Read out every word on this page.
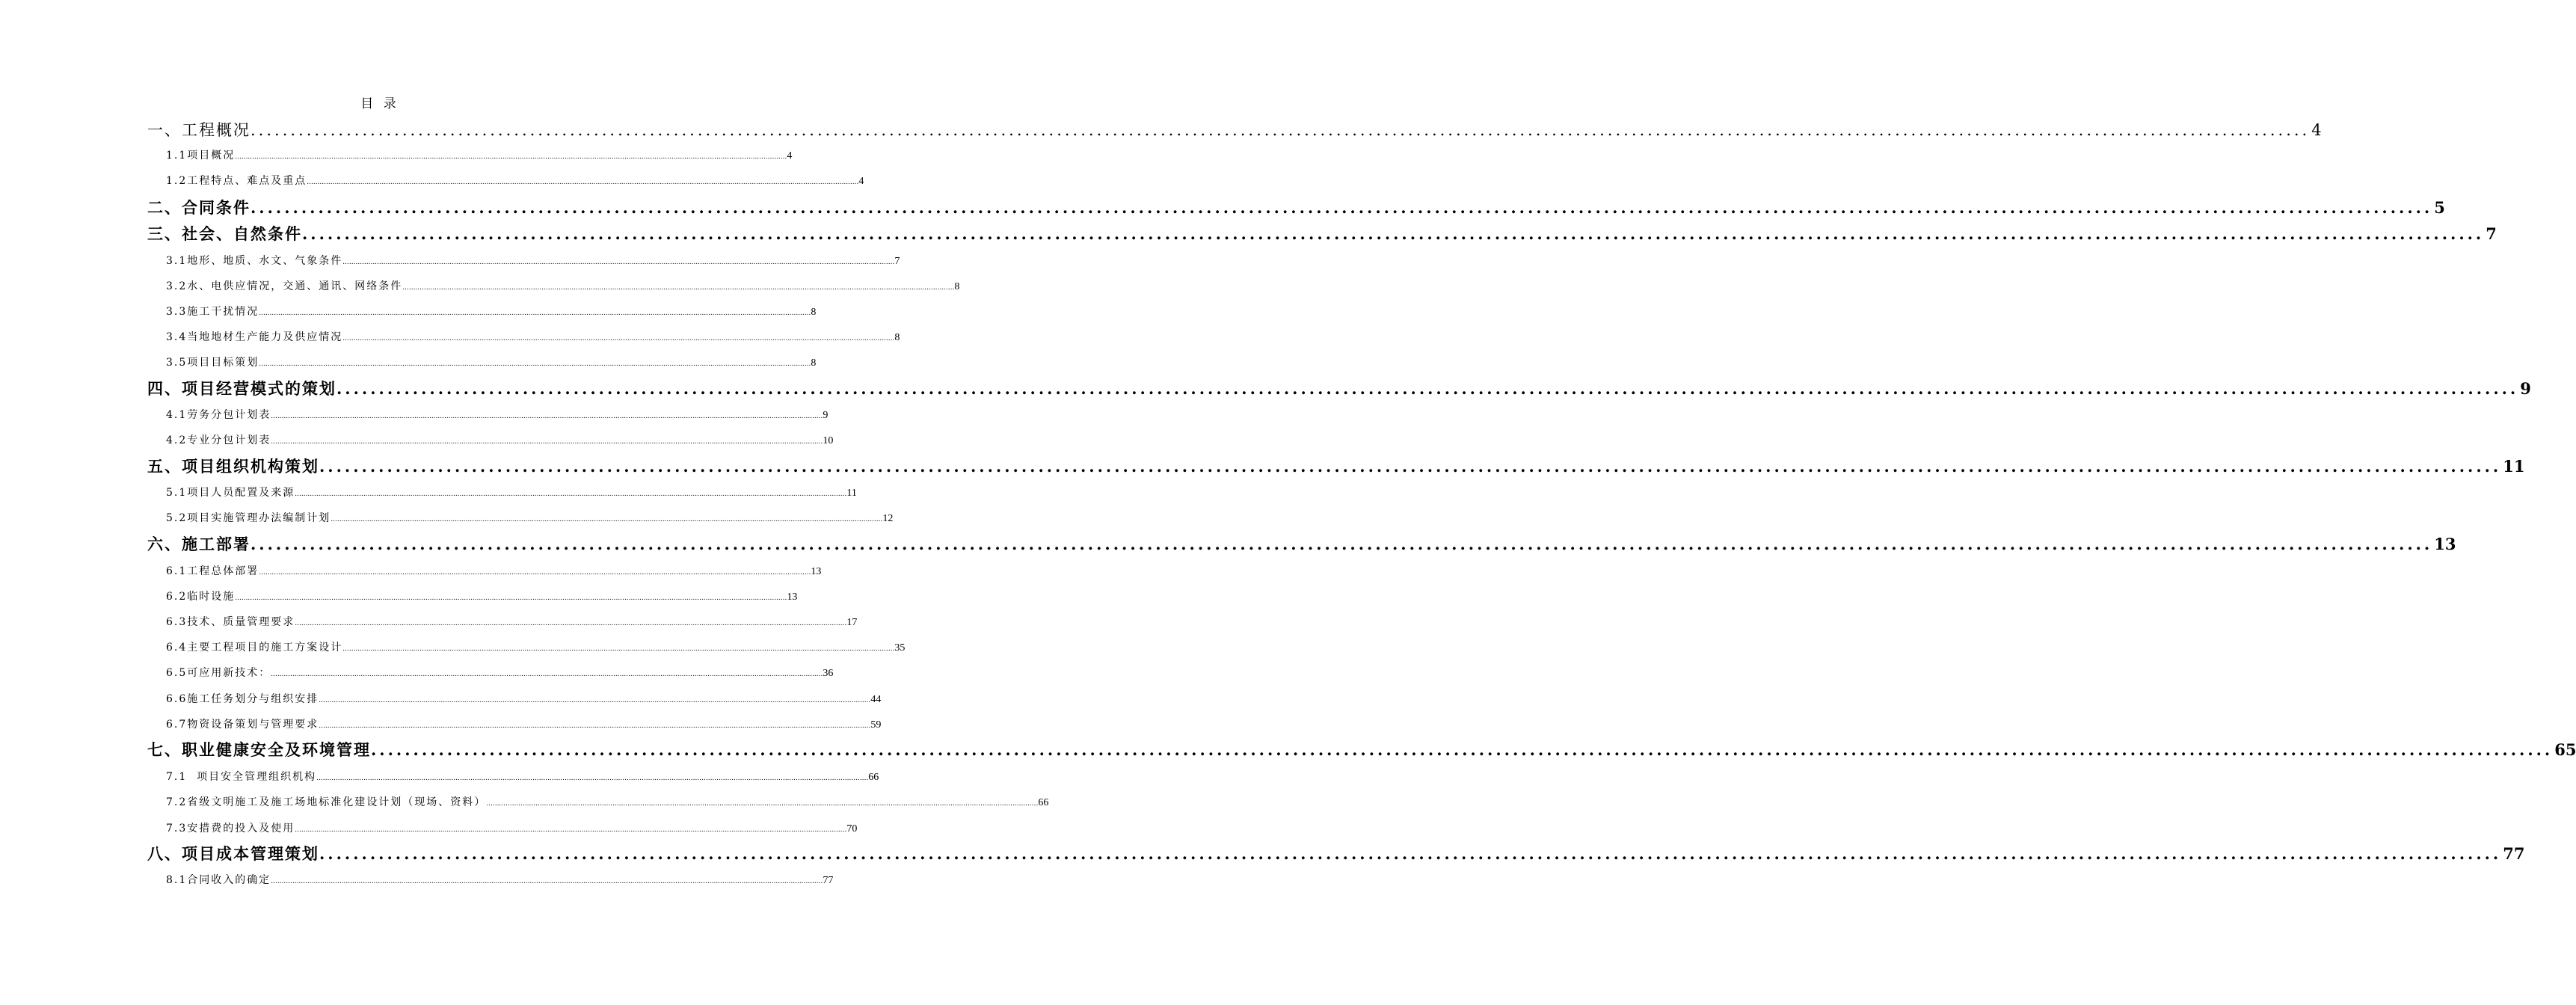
目 录
一、工程概况 .................................................................................................................................................................................................................................................................. 4
1.1项目概况 .................................................................................................................................................................................................................................................................. 4
1.2工程特点、难点及重点 .................................................................................................................................................................................................................................................................. 4
二、合同条件 .................................................................................................................................................................................................................................................................. 5
三、社会、自然条件 .................................................................................................................................................................................................................................................................. 7
3.1地形、地质、水文、气象条件 .................................................................................................................................................................................................................................................................. 7
3.2水、电供应情况，交通、通讯、网络条件 .................................................................................................................................................................................................................................................................. 8
3.3施工干扰情况 .................................................................................................................................................................................................................................................................. 8
3.4当地地材生产能力及供应情况 .................................................................................................................................................................................................................................................................. 8
3.5项目目标策划 .................................................................................................................................................................................................................................................................. 8
四、项目经营模式的策划 .................................................................................................................................................................................................................................................................. 9
4.1劳务分包计划表 .................................................................................................................................................................................................................................................................. 9
4.2专业分包计划表 .................................................................................................................................................................................................................................................................. 10
五、项目组织机构策划 .................................................................................................................................................................................................................................................................. 11
5.1项目人员配置及来源 .................................................................................................................................................................................................................................................................. 11
5.2项目实施管理办法编制计划 .................................................................................................................................................................................................................................................................. 12
六、施工部署 .................................................................................................................................................................................................................................................................. 13
6.1工程总体部署 .................................................................................................................................................................................................................................................................. 13
6.2临时设施 .................................................................................................................................................................................................................................................................. 13
6.3技术、质量管理要求 .................................................................................................................................................................................................................................................................. 17
6.4主要工程项目的施工方案设计 .................................................................................................................................................................................................................................................................. 35
6.5可应用新技术： .................................................................................................................................................................................................................................................................. 36
6.6施工任务划分与组织安排 .................................................................................................................................................................................................................................................................. 44
6.7物资设备策划与管理要求 .................................................................................................................................................................................................................................................................. 59
七、职业健康安全及环境管理 .................................................................................................................................................................................................................................................................. 65
7.1  项目安全管理组织机构 .................................................................................................................................................................................................................................................................. 66
7.2省级文明施工及施工场地标准化建设计划（现场、资料） .................................................................................................................................................................................................................................................................. 66
7.3安措费的投入及使用 .................................................................................................................................................................................................................................................................. 70
八、项目成本管理策划 .................................................................................................................................................................................................................................................................. 77
8.1合同收入的确定 .................................................................................................................................................................................................................................................................. 77
